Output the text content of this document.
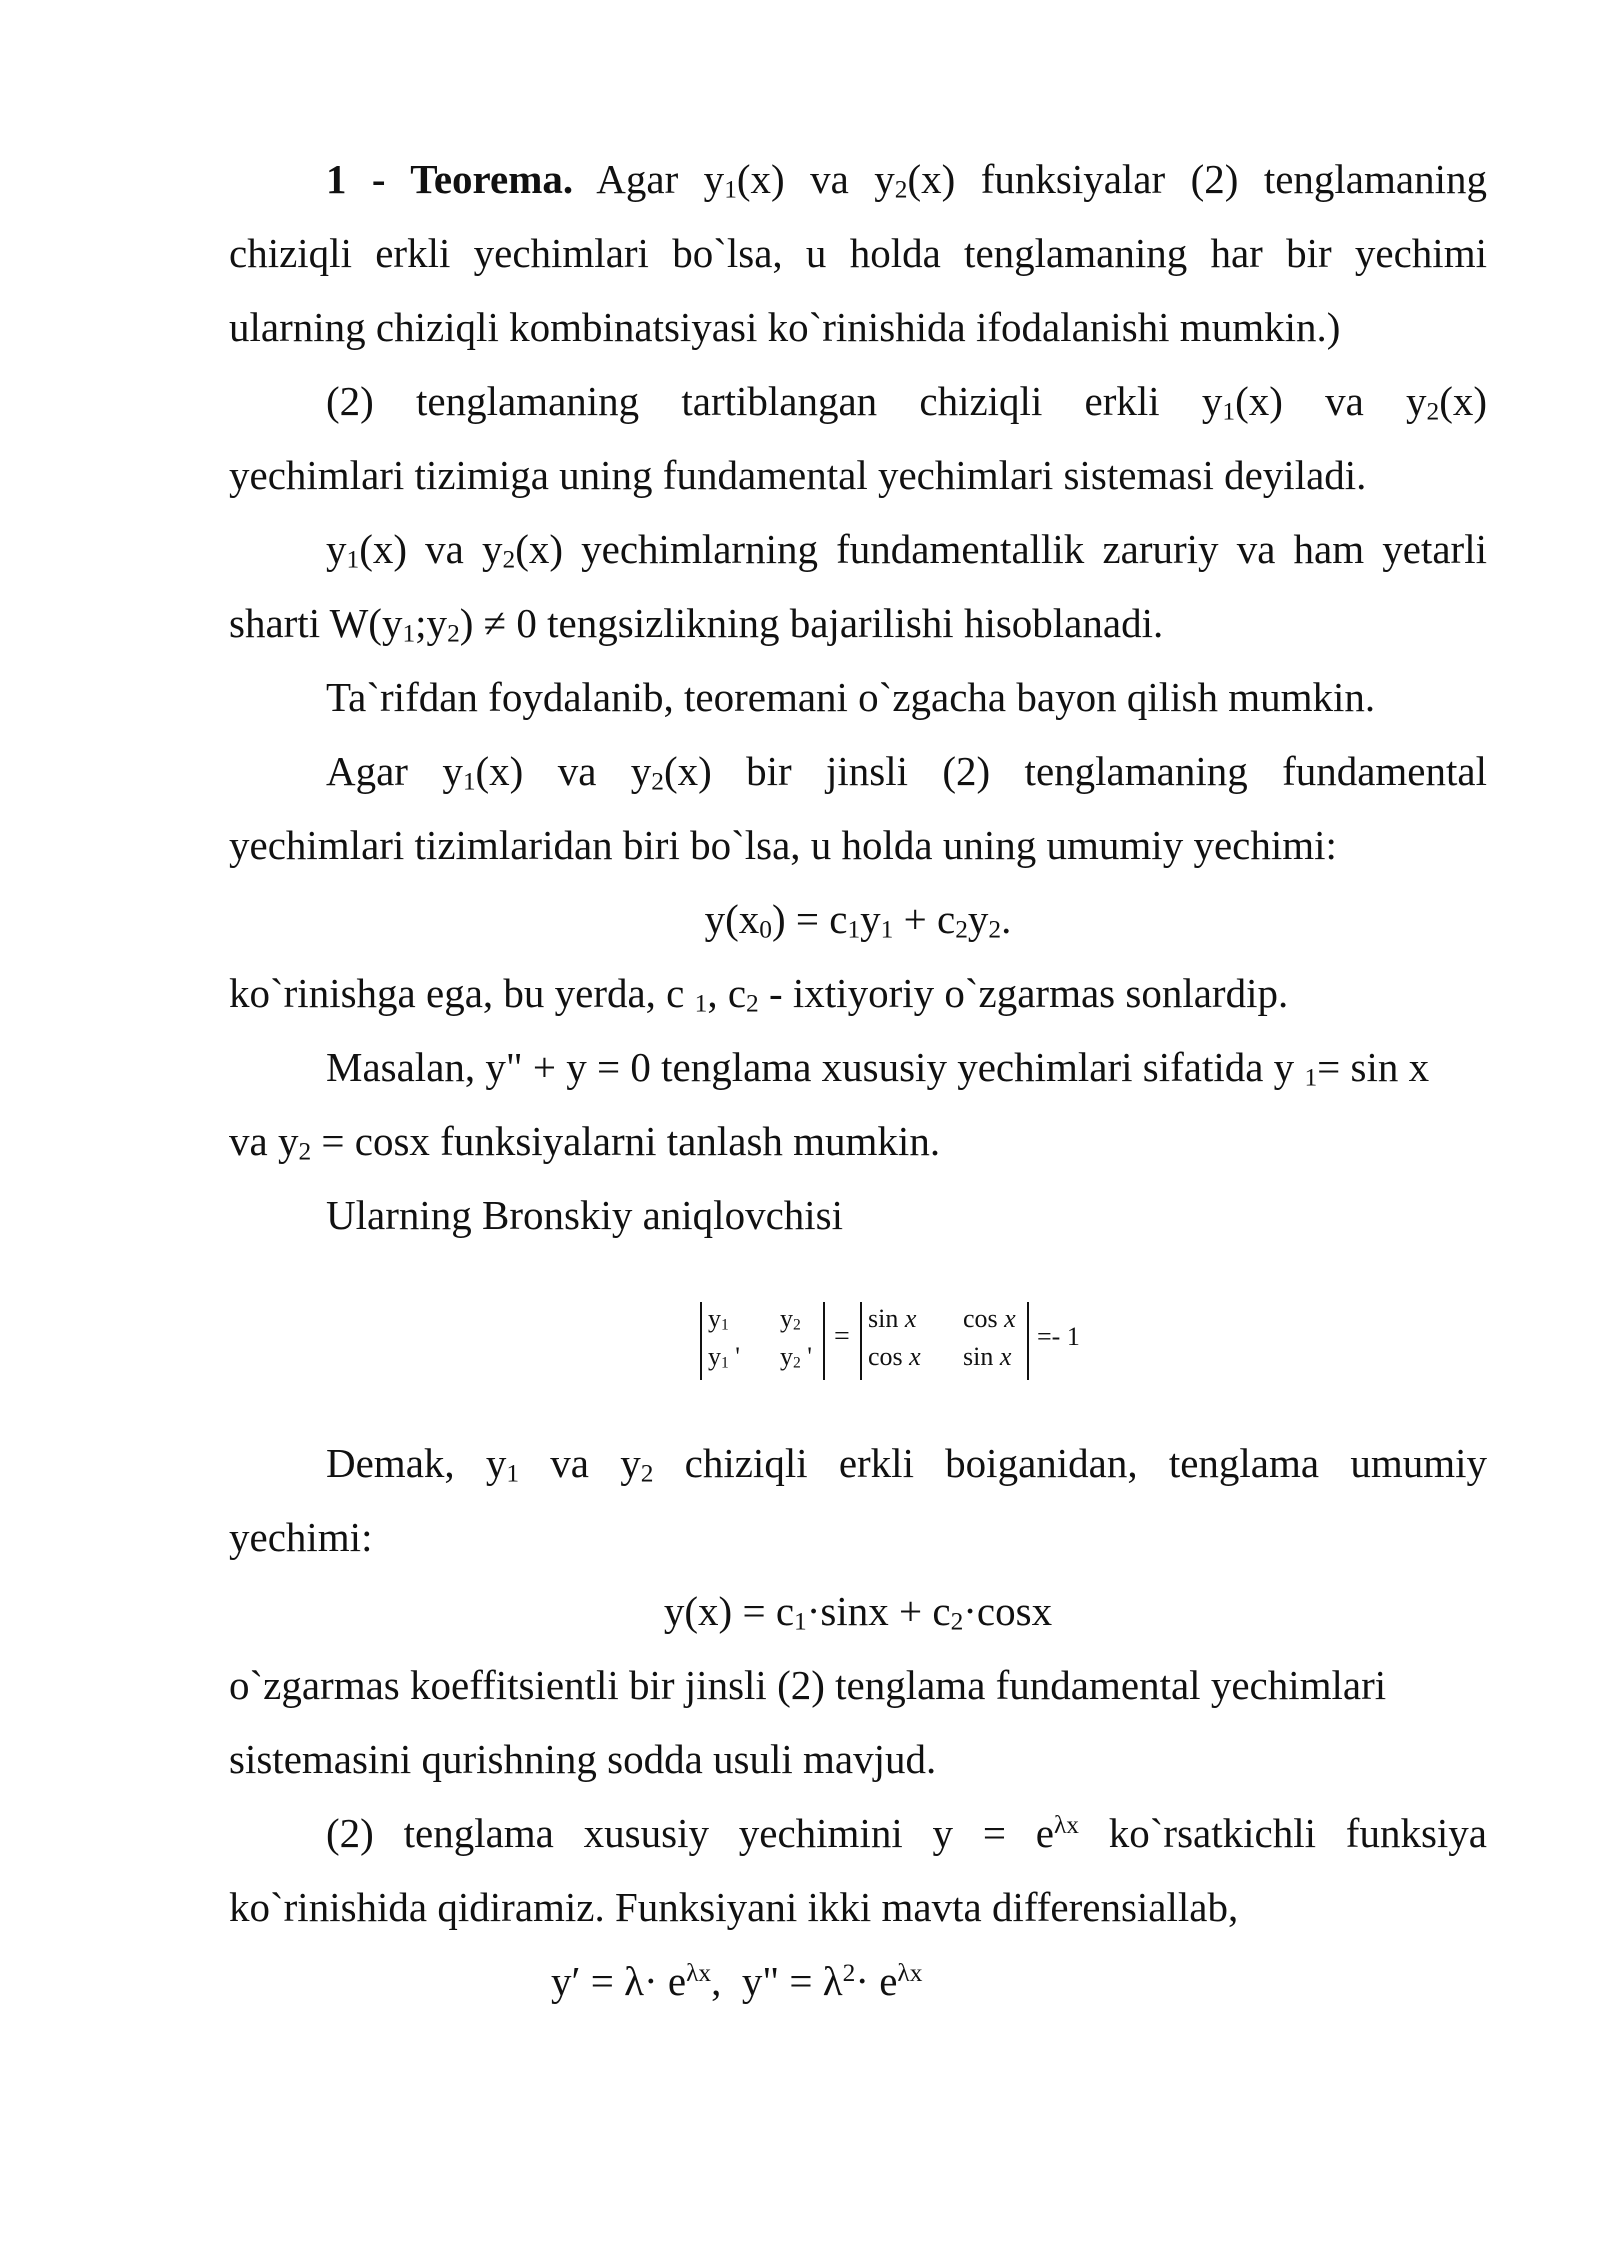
1 - Teorema. Agar $y_1(x)$ va $y_2(x)$ funksiyalar (2) tenglamaning
chiziqli erkli yechimlari bo`lsa, u holda tenglamaning har bir yechimi
ularning chiziqli kombinatsiyasi ko`rinishida ifodalanishi mumkin.)
(2) tenglamaning tartiblangan chiziqli erkli $y_1(x)$ va $y_2(x)$
yechimlari tizimiga uning fundamental yechimlari sistemasi deyiladi.
$y_1(x)$ va $y_2(x)$ yechimlarning fundamentallik zaruriy va ham yetarli
sharti $W(y_1;y_2) \ne 0$ tengsizlikning bajarilishi hisoblanadi.
Ta`rifdan foydalanib, teoremani o`zgacha bayon qilish mumkin.
Agar $y_1(x)$ va $y_2(x)$ bir jinsli (2) tenglamaning fundamental
yechimlari tizimlaridan biri bo`lsa, u holda uning umumiy yechimi:
$y(x_0) = c_1y_1 + c_2y_2$.
ko`rinishga ega, bu yerda, c $_1$, $c_2$ - ixtiyoriy o`zgarmas sonlardip.
Masalan, y" + y = 0 tenglama xususiy yechimlari sifatida y $_1$= sin x
va $y_2 = \cos x$ funksiyalarni tanlash mumkin.
Ularning Bronskiy aniqlovchisi
y1 y2
y1 ' y2 '
=
sin x cos x
cos x sin x
=- 1
Demak, $y_1$ va $y_2$ chiziqli erkli boiganidan, tenglama umumiy
yechimi:
$y(x) = c_1\cdot\sin x + c_2\cdot\cos x$
o`zgarmas koeffitsientli bir jinsli (2) tenglama fundamental yechimlari
sistemasini qurishning sodda usuli mavjud.
(2) tenglama xususiy yechimini $y = e^{\lambda x}$ ko`rsatkichli funksiya
ko`rinishida qidiramiz. Funksiyani ikki mavta differensiallab,
$y' = \lambda\cdot e^{\lambda x}$,  y" = $\lambda^2\cdot e^{\lambda x}$
